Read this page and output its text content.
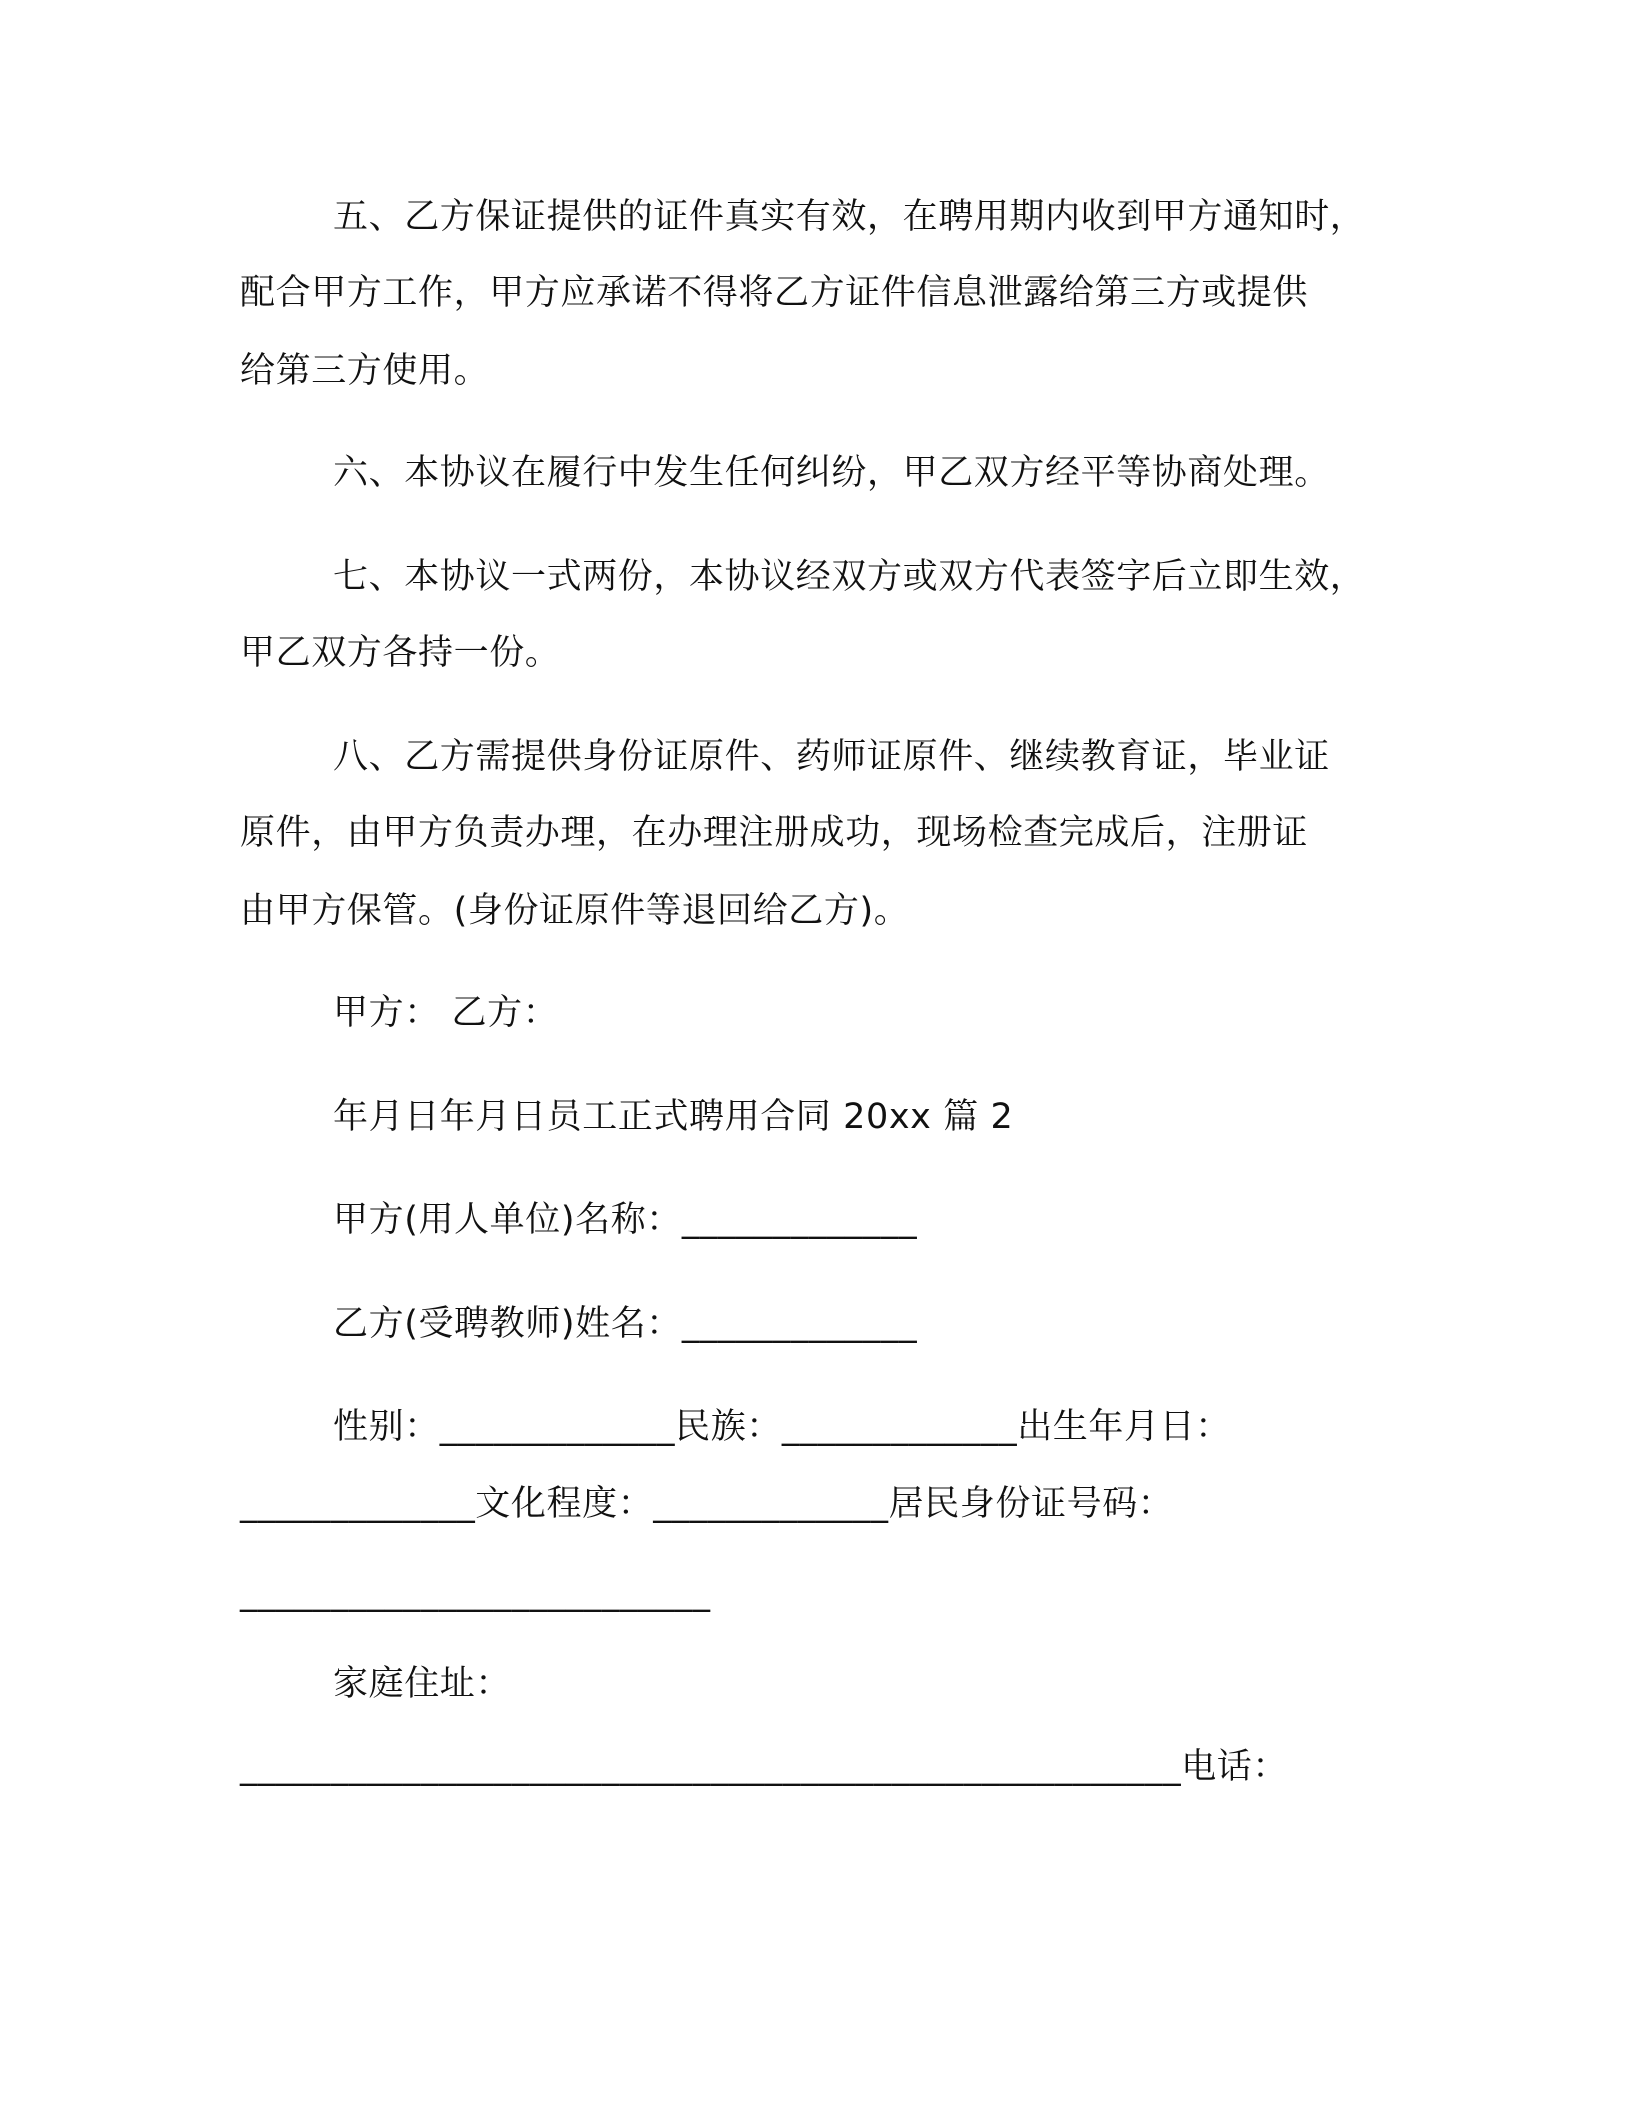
五、乙方保证提供的证件真实有效，在聘用期内收到甲方通知时，
配合甲方工作，甲方应承诺不得将乙方证件信息泄露给第三方或提供
给第三方使用。
六、本协议在履行中发生任何纠纷，甲乙双方经平等协商处理。
七、本协议一式两份，本协议经双方或双方代表签字后立即生效，
甲乙双方各持一份。
八、乙方需提供身份证原件、药师证原件、继续教育证，毕业证
原件，由甲方负责办理，在办理注册成功，现场检查完成后，注册证
由甲方保管。(身份证原件等退回给乙方)。
甲方： 乙方：
年月日年月日员工正式聘用合同 20xx 篇 2
甲方(用人单位)名称：_____________
乙方(受聘教师)姓名：_____________
性别：_____________民族：_____________出生年月日：
_____________文化程度：_____________居民身份证号码：
__________________________
家庭住址：
____________________________________________________电话：
